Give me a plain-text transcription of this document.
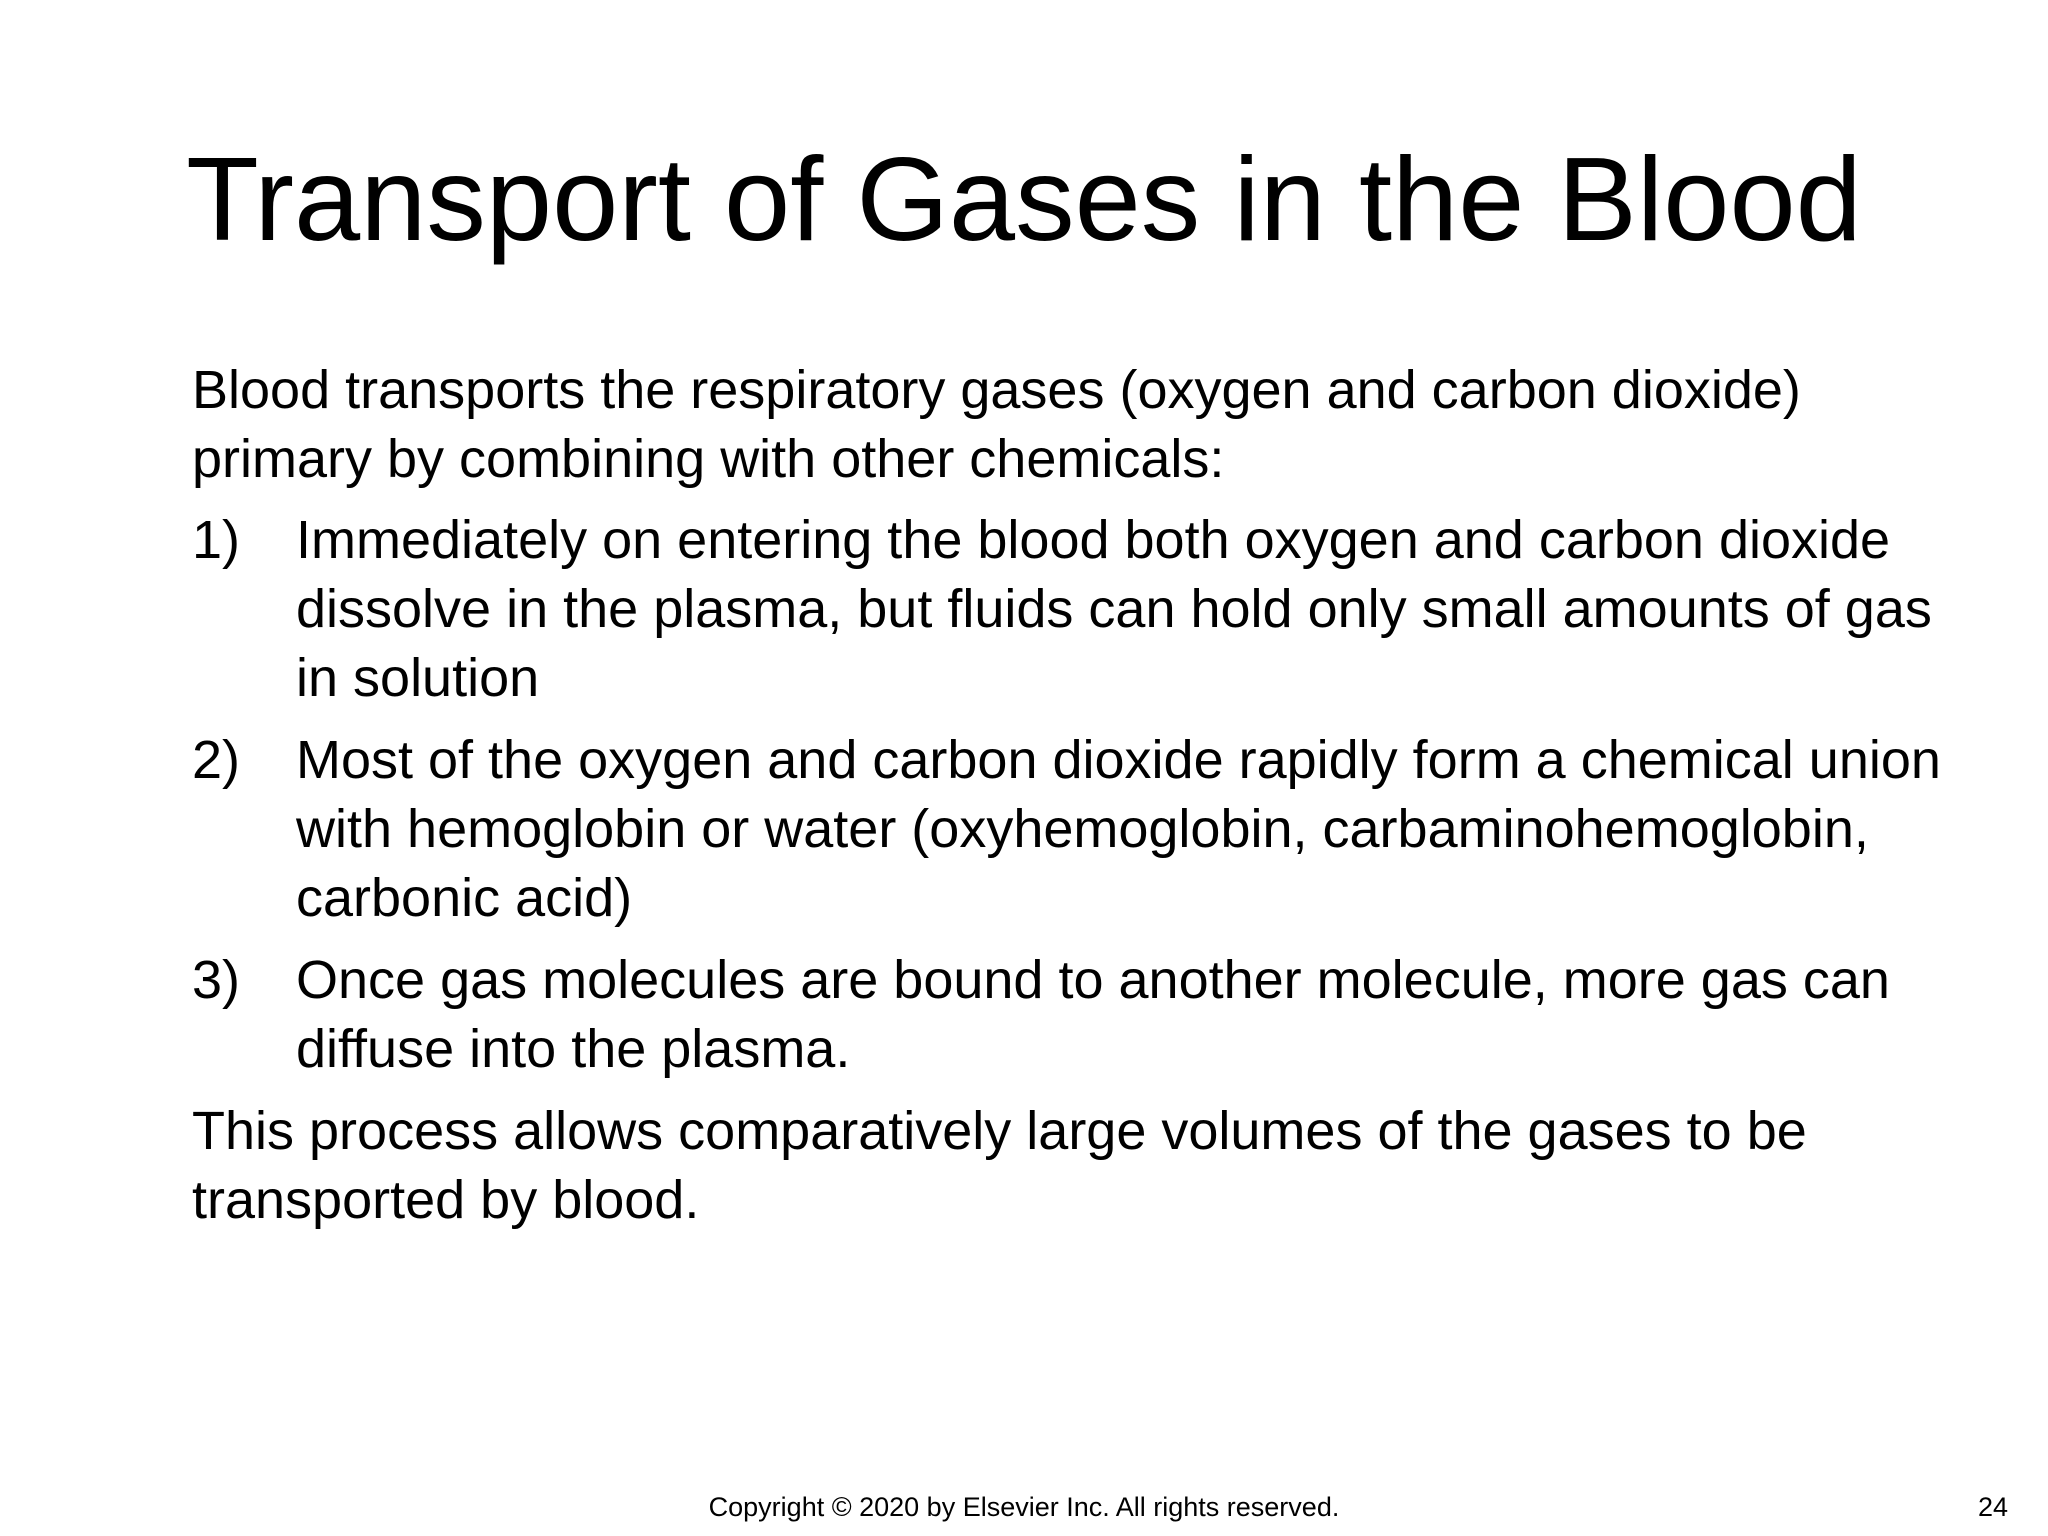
Transport of Gases in the Blood

Blood transports the respiratory gases (oxygen and carbon dioxide) primary by combining with other chemicals:

1) Immediately on entering the blood both oxygen and carbon dioxide dissolve in the plasma, but fluids can hold only small amounts of gas in solution
2) Most of the oxygen and carbon dioxide rapidly form a chemical union with hemoglobin or water (oxyhemoglobin, carbaminohemoglobin, carbonic acid)
3) Once gas molecules are bound to another molecule, more gas can diffuse into the plasma.

This process allows comparatively large volumes of the gases to be transported by blood.

Copyright © 2020 by Elsevier Inc. All rights reserved.	24
